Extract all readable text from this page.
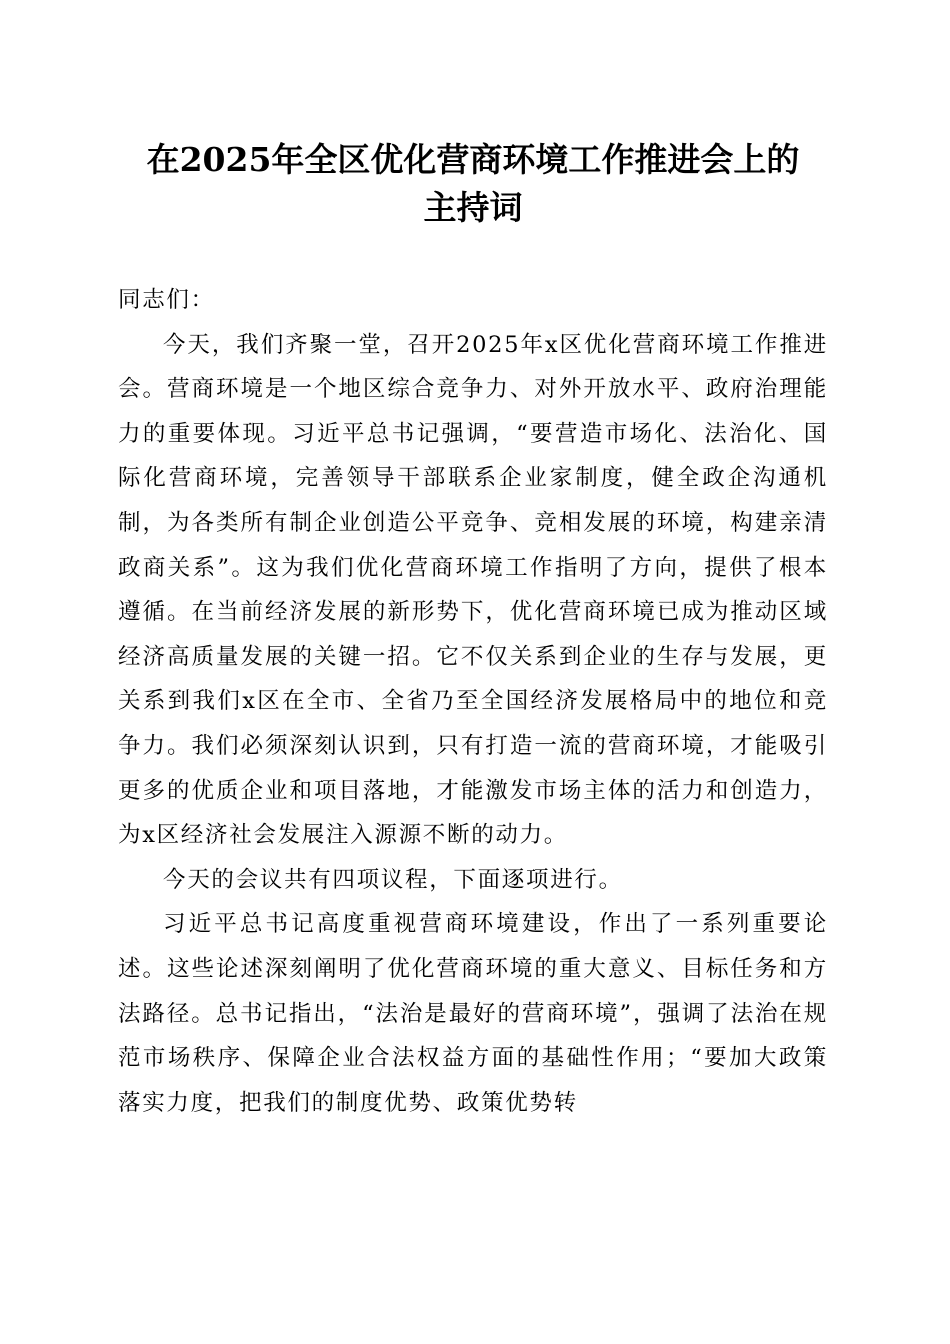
在2025年全区优化营商环境工作推进会上的
主持词

同志们：

今天，我们齐聚一堂，召开2025年x区优化营商环境工作推进会。营商环境是一个地区综合竞争力、对外开放水平、政府治理能力的重要体现。习近平总书记强调，“要营造市场化、法治化、国际化营商环境，完善领导干部联系企业家制度，健全政企沟通机制，为各类所有制企业创造公平竞争、竞相发展的环境，构建亲清政商关系”。这为我们优化营商环境工作指明了方向，提供了根本遵循。在当前经济发展的新形势下，优化营商环境已成为推动区域经济高质量发展的关键一招。它不仅关系到企业的生存与发展，更关系到我们x区在全市、全省乃至全国经济发展格局中的地位和竞争力。我们必须深刻认识到，只有打造一流的营商环境，才能吸引更多的优质企业和项目落地，才能激发市场主体的活力和创造力，为x区经济社会发展注入源源不断的动力。

今天的会议共有四项议程，下面逐项进行。

习近平总书记高度重视营商环境建设，作出了一系列重要论述。这些论述深刻阐明了优化营商环境的重大意义、目标任务和方法路径。总书记指出，“法治是最好的营商环境”，强调了法治在规范市场秩序、保障企业合法权益方面的基础性作用；“要加大政策落实力度，把我们的制度优势、政策优势转
